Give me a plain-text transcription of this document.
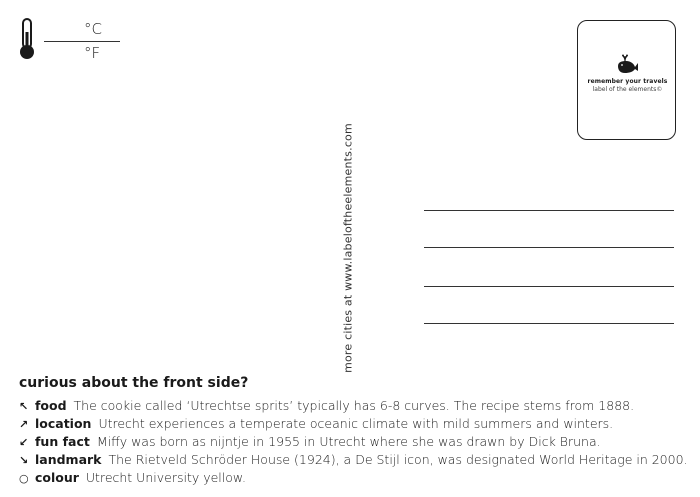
°C
°F
remember your travels
label of the elements©
more cities at www.labeloftheelements.com
curious about the front side?
↖ food The cookie called ‘Utrechtse sprits’ typically has 6-8 curves. The recipe stems from 1888.
↗ location Utrecht experiences a temperate oceanic climate with mild summers and winters.
↙ fun fact Miffy was born as nijntje in 1955 in Utrecht where she was drawn by Dick Bruna.
↘ landmark The Rietveld Schröder House (1924), a De Stijl icon, was designated World Heritage in 2000.
○ colour Utrecht University yellow.
